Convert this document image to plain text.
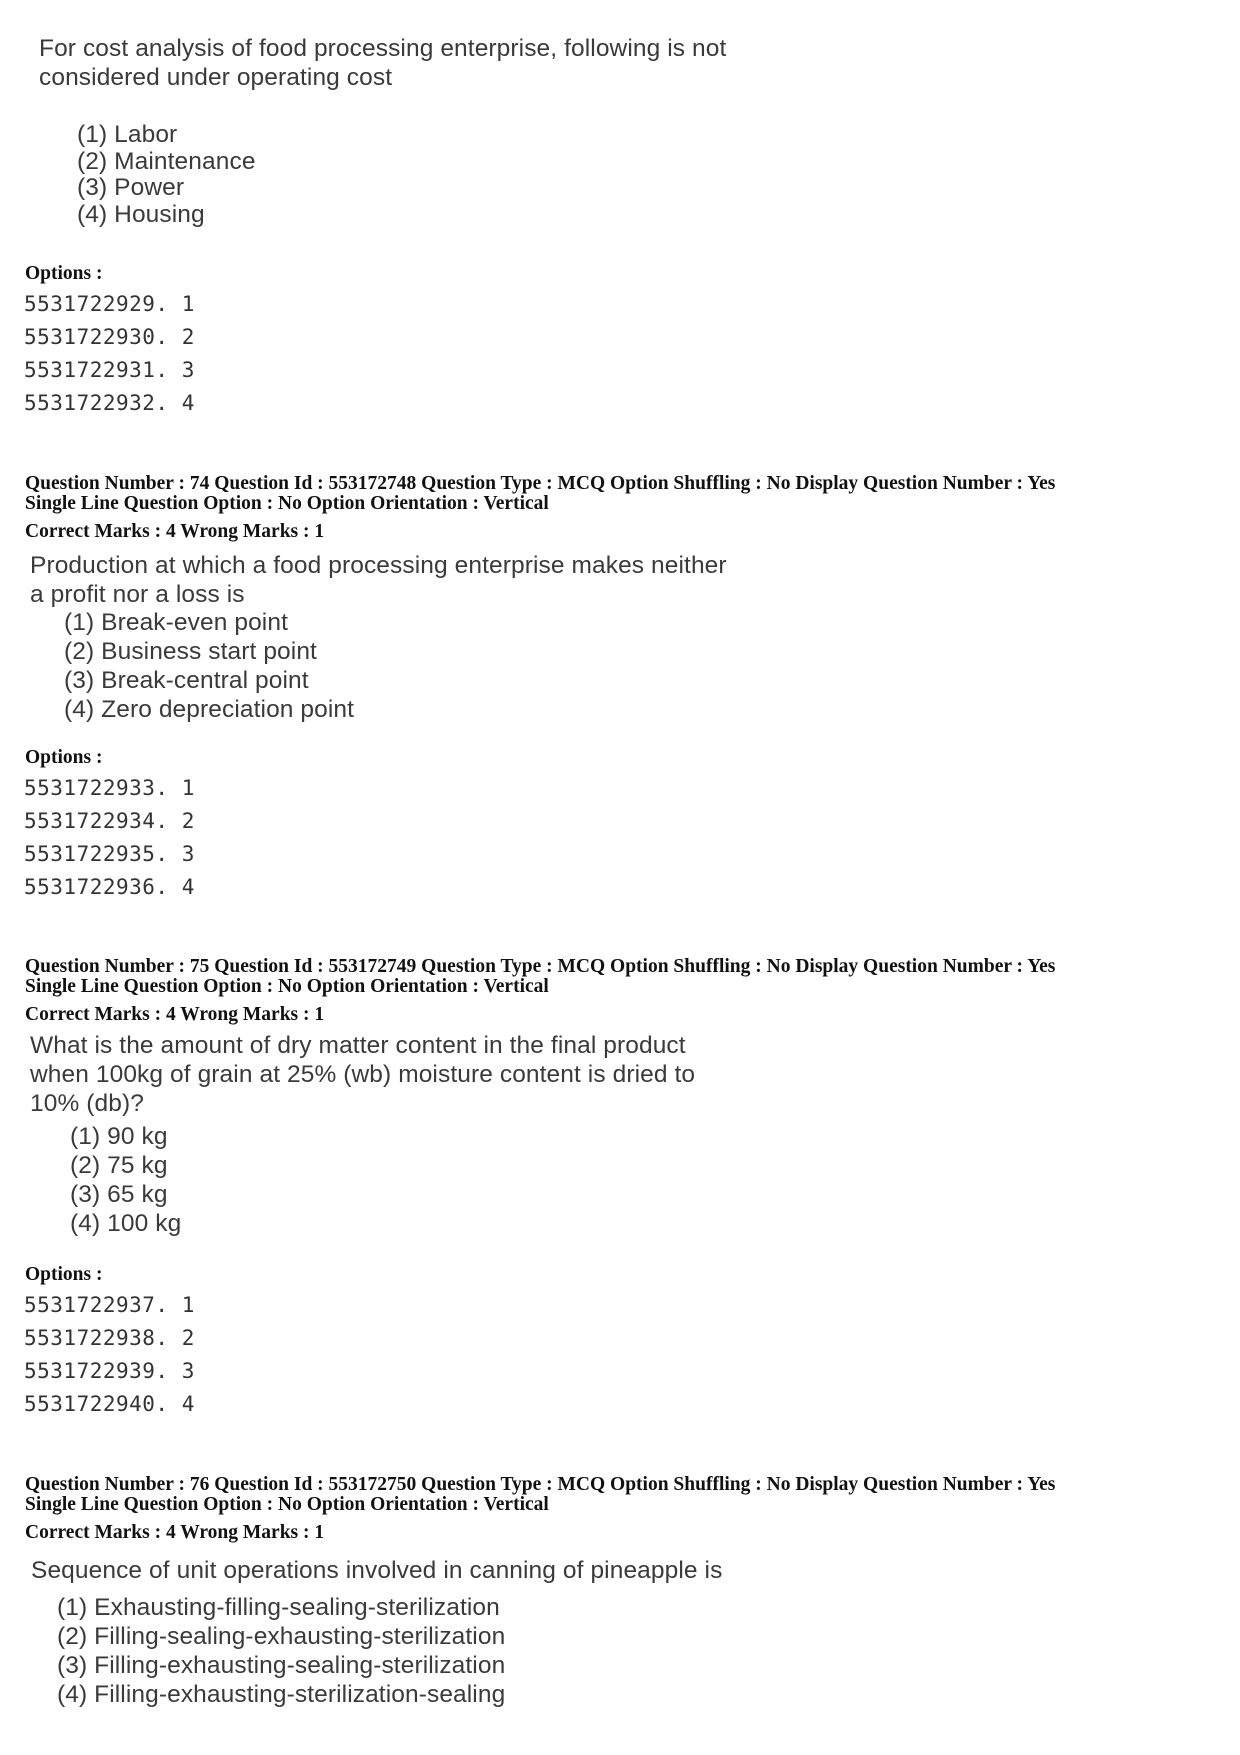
For cost analysis of food processing enterprise, following is not
considered under operating cost
(1) Labor
(2) Maintenance
(3) Power
(4) Housing
Options :
5531722929. 1
5531722930. 2
5531722931. 3
5531722932. 4
Question Number : 74 Question Id : 553172748 Question Type : MCQ Option Shuffling : No Display Question Number : Yes
Single Line Question Option : No Option Orientation : Vertical
Correct Marks : 4 Wrong Marks : 1
Production at which a food processing enterprise makes neither
a profit nor a loss is
(1) Break-even point
(2) Business start point
(3) Break-central point
(4) Zero depreciation point
Options :
5531722933. 1
5531722934. 2
5531722935. 3
5531722936. 4
Question Number : 75 Question Id : 553172749 Question Type : MCQ Option Shuffling : No Display Question Number : Yes
Single Line Question Option : No Option Orientation : Vertical
Correct Marks : 4 Wrong Marks : 1
What is the amount of dry matter content in the final product
when 100kg of grain at 25% (wb) moisture content is dried to
10% (db)?
(1) 90 kg
(2) 75 kg
(3) 65 kg
(4) 100 kg
Options :
5531722937. 1
5531722938. 2
5531722939. 3
5531722940. 4
Question Number : 76 Question Id : 553172750 Question Type : MCQ Option Shuffling : No Display Question Number : Yes
Single Line Question Option : No Option Orientation : Vertical
Correct Marks : 4 Wrong Marks : 1
Sequence of unit operations involved in canning of pineapple is
(1) Exhausting-filling-sealing-sterilization
(2) Filling-sealing-exhausting-sterilization
(3) Filling-exhausting-sealing-sterilization
(4) Filling-exhausting-sterilization-sealing
